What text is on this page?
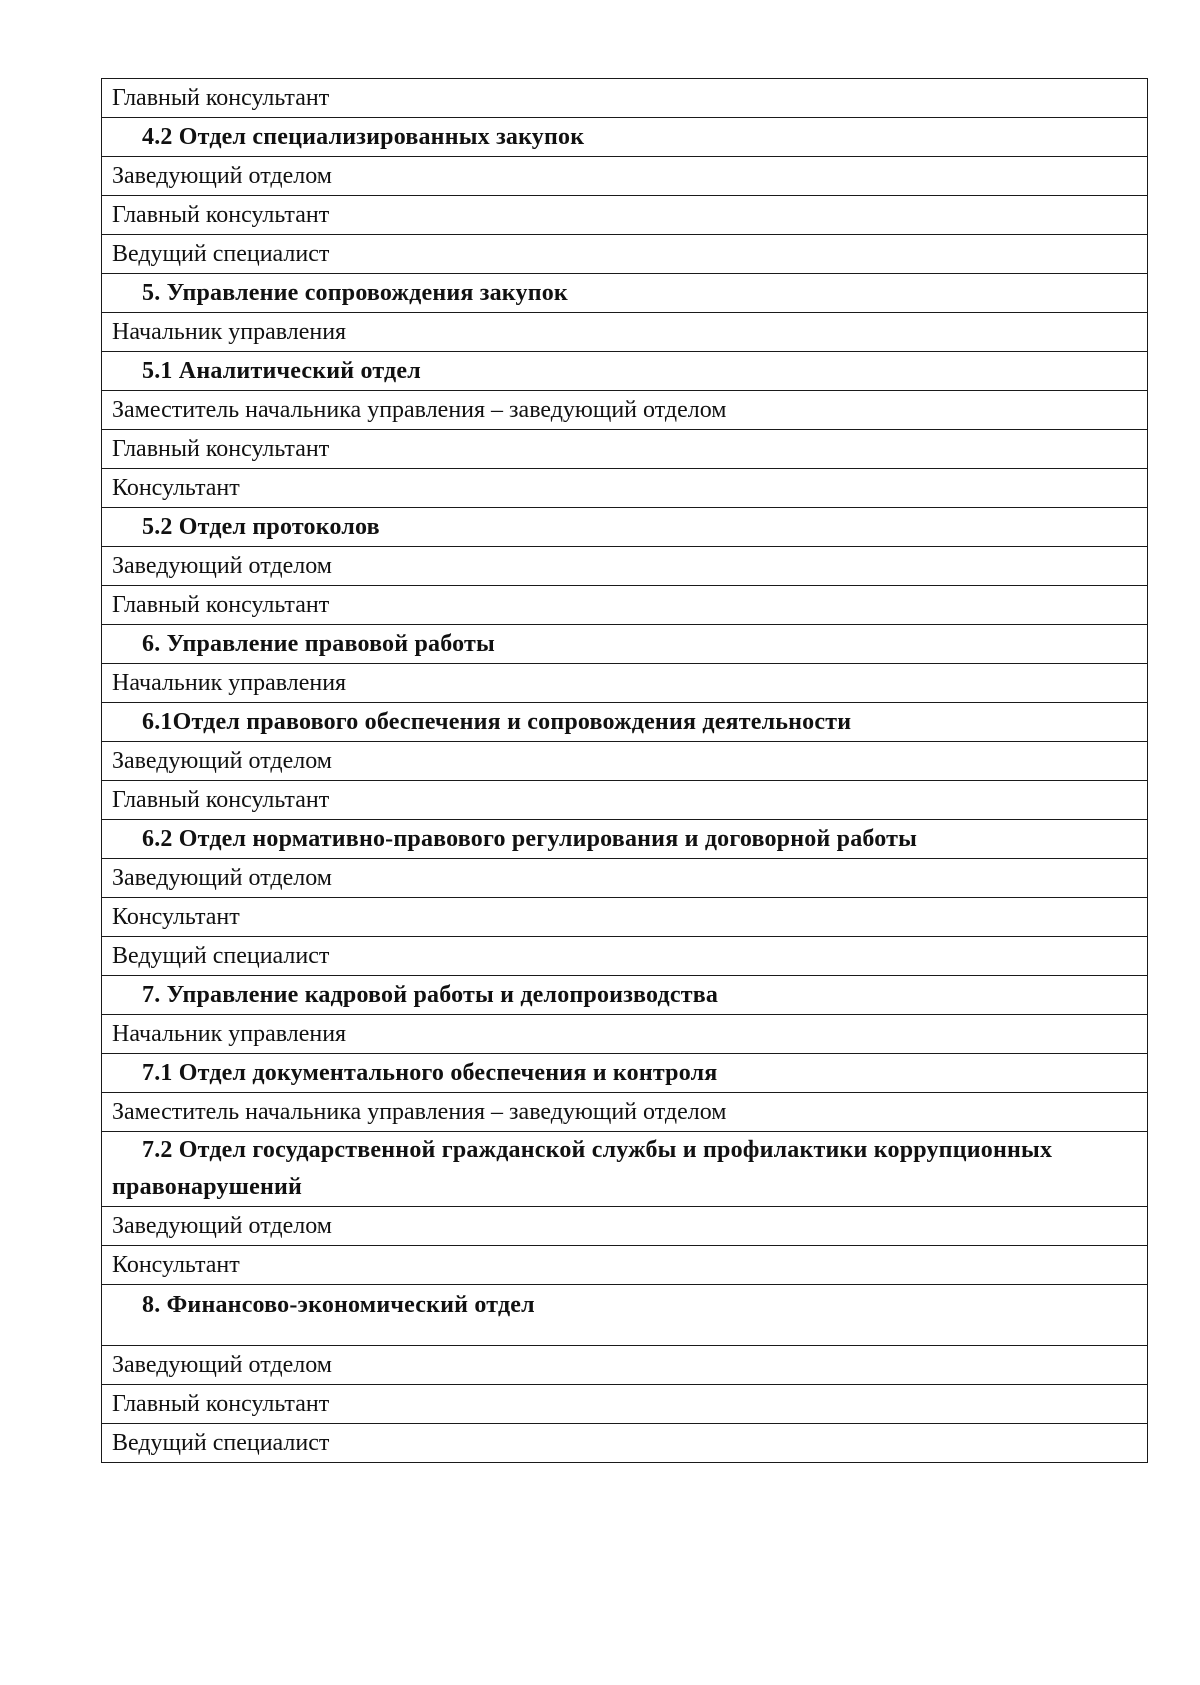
Главный консультант
4.2 Отдел специализированных закупок
Заведующий отделом
Главный консультант
Ведущий специалист
5. Управление сопровождения закупок
Начальник управления
5.1 Аналитический отдел
Заместитель начальника управления – заведующий отделом
Главный консультант
Консультант
5.2 Отдел протоколов
Заведующий отделом
Главный консультант
6. Управление правовой работы
Начальник управления
6.1Отдел правового обеспечения и сопровождения деятельности
Заведующий отделом
Главный консультант
6.2 Отдел нормативно-правового регулирования и договорной работы
Заведующий отделом
Консультант
Ведущий специалист
7. Управление кадровой работы и делопроизводства
Начальник управления
7.1 Отдел документального обеспечения и контроля
Заместитель начальника управления – заведующий отделом
7.2 Отдел государственной гражданской службы и профилактики коррупционных правонарушений
Заведующий отделом
Консультант
8. Финансово-экономический отдел
Заведующий отделом
Главный консультант
Ведущий специалист
